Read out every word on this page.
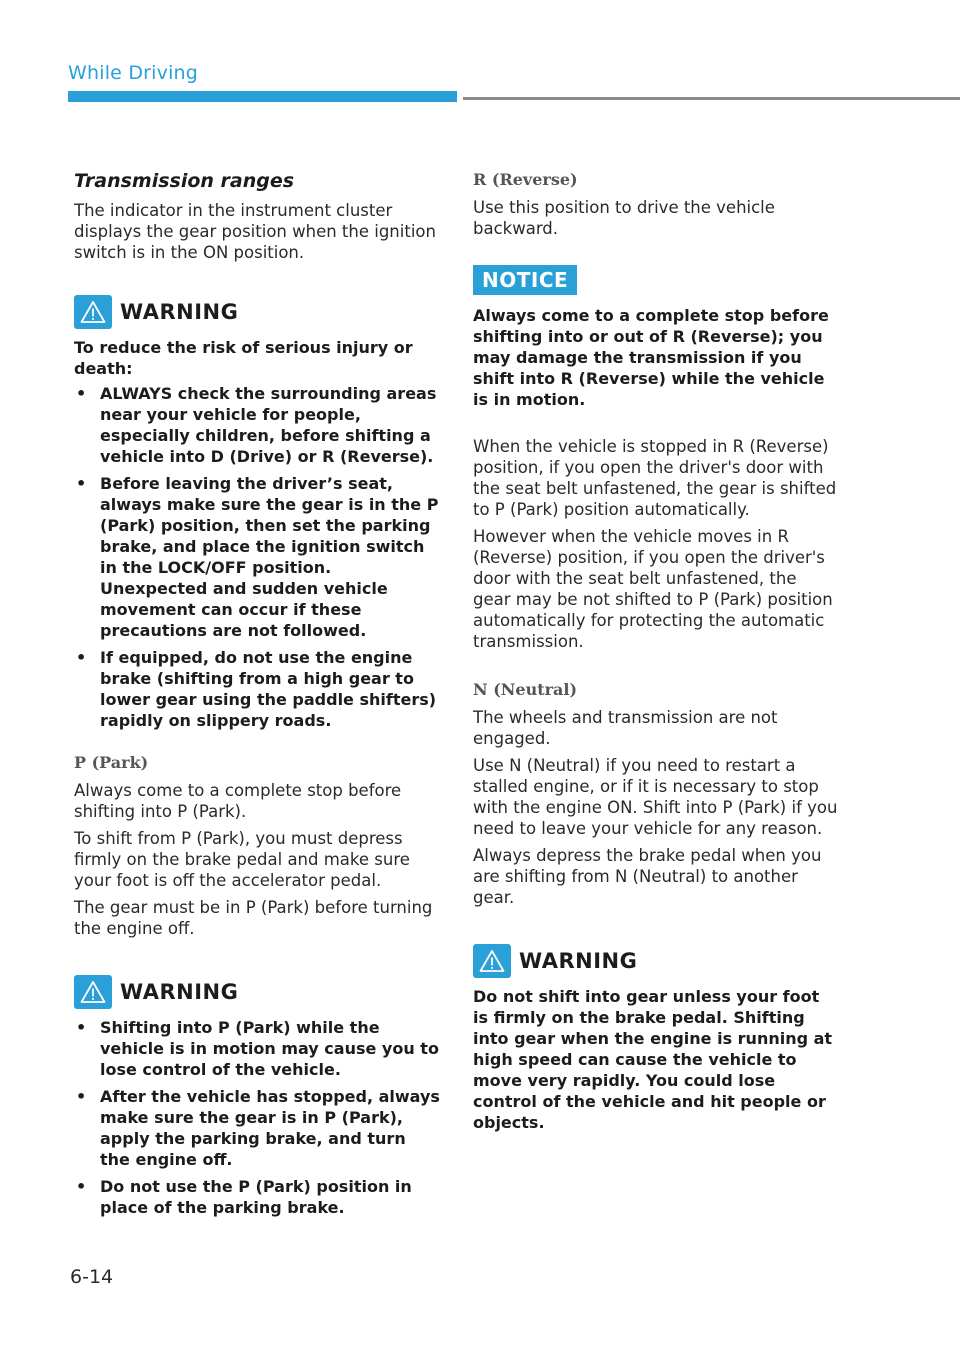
While Driving
Transmission ranges

The indicator in the instrument cluster displays the gear position when the ignition switch is in the ON position.

WARNING

To reduce the risk of serious injury or death:

• ALWAYS check the surrounding areas near your vehicle for people, especially children, before shifting a vehicle into D (Drive) or R (Reverse).
• Before leaving the driver’s seat, always make sure the gear is in the P (Park) position, then set the parking brake, and place the ignition switch in the LOCK/OFF position. Unexpected and sudden vehicle movement can occur if these precautions are not followed.
• If equipped, do not use the engine brake (shifting from a high gear to lower gear using the paddle shifters) rapidly on slippery roads.
P (Park)

Always come to a complete stop before shifting into P (Park).

To shift from P (Park), you must depress firmly on the brake pedal and make sure your foot is off the accelerator pedal.

The gear must be in P (Park) before turning the engine off.

WARNING
• Shifting into P (Park) while the vehicle is in motion may cause you to lose control of the vehicle.
• After the vehicle has stopped, always make sure the gear is in P (Park), apply the parking brake, and turn the engine off.
• Do not use the P (Park) position in place of the parking brake.
R (Reverse)

Use this position to drive the vehicle backward.

NOTICE

Always come to a complete stop before shifting into or out of R (Reverse); you may damage the transmission if you shift into R (Reverse) while the vehicle is in motion.

When the vehicle is stopped in R (Reverse) position, if you open the driver's door with the seat belt unfastened, the gear is shifted to P (Park) position automatically.

However when the vehicle moves in R (Reverse) position, if you open the driver's door with the seat belt unfastened, the gear may be not shifted to P (Park) position automatically for protecting the automatic transmission.

N (Neutral)

The wheels and transmission are not engaged.

Use N (Neutral) if you need to restart a stalled engine, or if it is necessary to stop with the engine ON. Shift into P (Park) if you need to leave your vehicle for any reason.

Always depress the brake pedal when you are shifting from N (Neutral) to another gear.

WARNING

Do not shift into gear unless your foot is firmly on the brake pedal. Shifting into gear when the engine is running at high speed can cause the vehicle to move very rapidly. You could lose control of the vehicle and hit people or objects.

6-14
